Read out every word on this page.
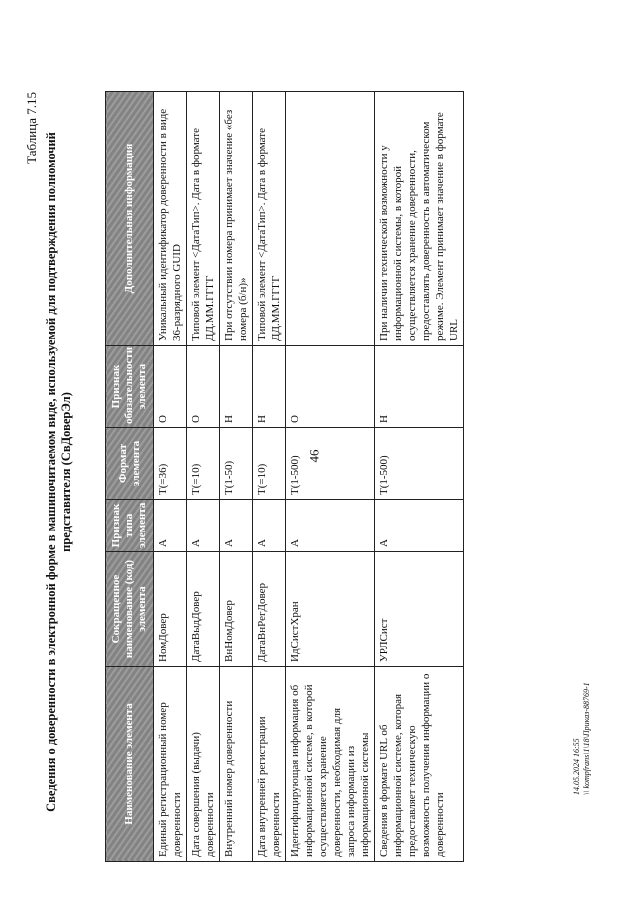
46
14.05.2024 16:55 \\ kompfrans\1\18\Приказ-88769-1
Таблица 7.15
Сведения о доверенности в электронной форме в машиночитаемом виде, используемой для подтверждения полномочий представителя (СвДоверЭл)
Наименование элемента	Сокращенное наименование (код) элемента	Признак типа элемента	Формат элемента	Признак обязательности элемента	Дополнительная информация
Единый регистрационный номер доверенности	НомДовер	А	T(=36)	О	Уникальный идентификатор доверенности в виде 36-разрядного GUID
Дата совершения (выдачи) доверенности	ДатаВыдДовер	А	T(=10)	О	Типовой элемент <ДатаТип>. Дата в формате ДД.ММ.ГГГГ
Внутренний номер доверенности	ВнНомДовер	А	T(1-50)	Н	При отсутствии номера принимает значение «без номера (б/н)»
Дата внутренней регистрации доверенности	ДатаВнРегДовер	А	T(=10)	Н	Типовой элемент <ДатаТип>. Дата в формате ДД.ММ.ГГГГ
Идентифицирующая информация об информационной системе, в которой осуществляется хранение доверенности, необходимая для запроса информации из информационной системы	ИдСистХран	А	T(1-500)	О	
Сведения в формате URL об информационной системе, которая предоставляет техническую возможность получения информации о доверенности	УРЛСист	А	T(1-500)	Н	При наличии технической возможности у информационной системы, в которой осуществляется хранение доверенности, предоставлять доверенность в автоматическом режиме. Элемент принимает значение в формате URL
